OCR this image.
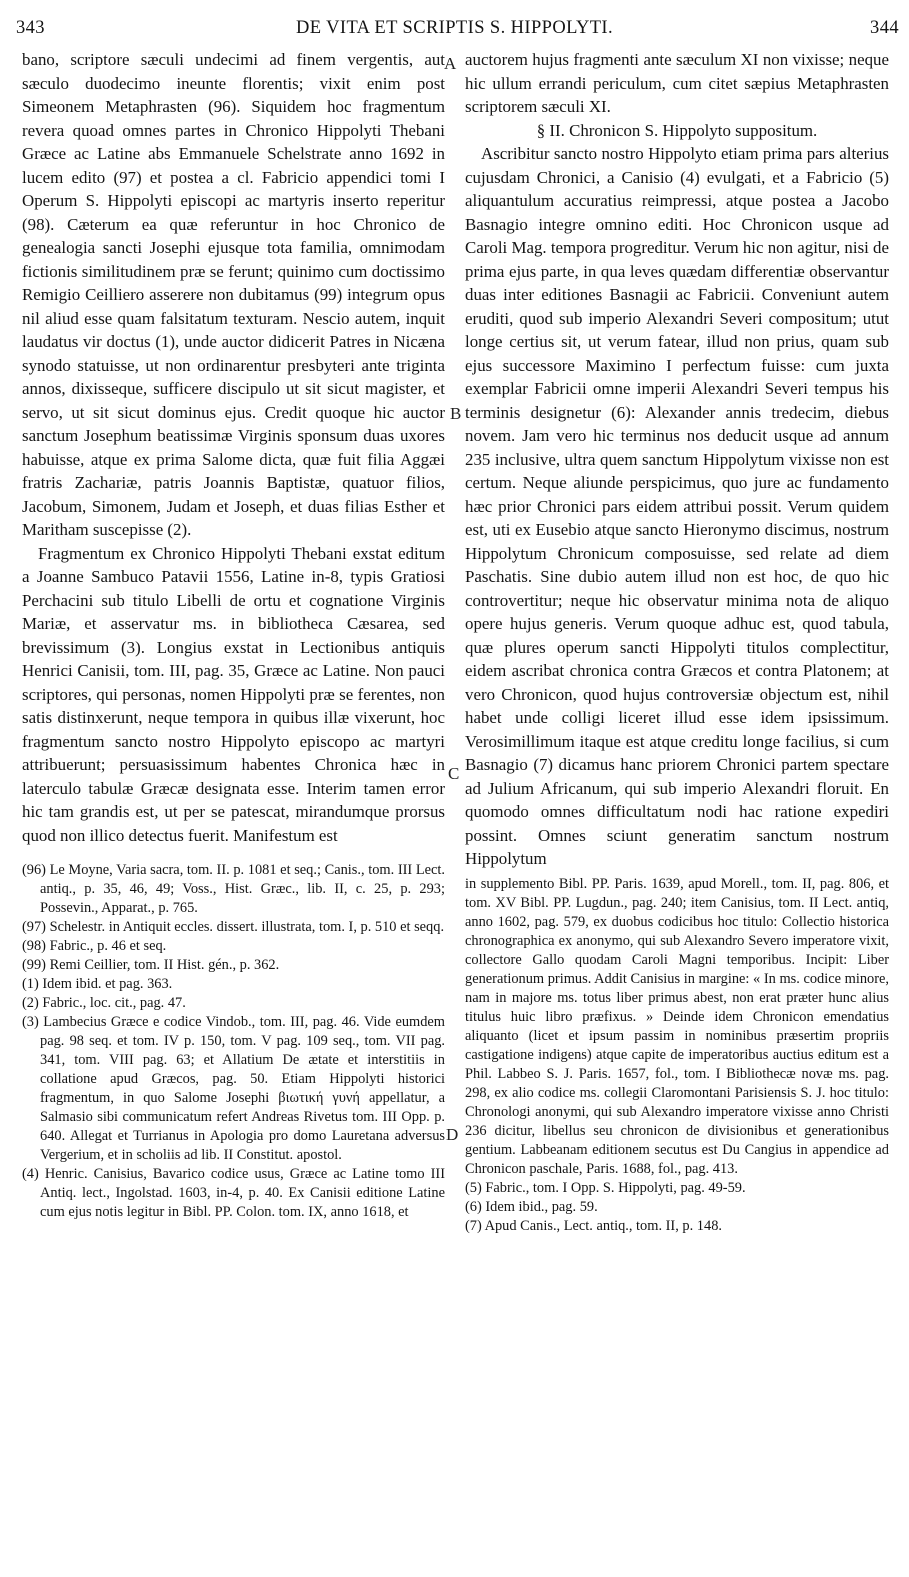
343	DE VITA ET SCRIPTIS S. HIPPOLYTI.	344
A
B
C
D

bano, scriptore sæculi undecimi ad finem vergentis, aut sæculo duodecimo ineunte florentis; vixit enim post Simeonem Metaphrasten (96). Siquidem hoc fragmentum revera quoad omnes partes in Chronico Hippolyti Thebani Græce ac Latine abs Emmanuele Schelstrate anno 1692 in lucem edito (97) et postea a cl. Fabricio appendici tomi I Operum S. Hippolyti episcopi ac martyris inserto reperitur (98). Cæterum ea quæ referuntur in hoc Chronico de genealogia sancti Josephi ejusque tota familia, omnimodam fictionis similitudinem præ se ferunt; quinimo cum doctissimo Remigio Ceilliero asserere non dubitamus (99) integrum opus nil aliud esse quam falsitatum texturam. Nescio autem, inquit laudatus vir doctus (1), unde auctor didicerit Patres in Nicæna synodo statuisse, ut non ordinarentur presbyteri ante triginta annos, dixisseque, sufficere discipulo ut sit sicut magister, et servo, ut sit sicut dominus ejus. Credit quoque hic auctor sanctum Josephum beatissimæ Virginis sponsum duas uxores habuisse, atque ex prima Salome dicta, quæ fuit filia Aggæi fratris Zachariæ, patris Joannis Baptistæ, quatuor filios, Jacobum, Simonem, Judam et Joseph, et duas filias Esther et Maritham suscepisse (2).

Fragmentum ex Chronico Hippolyti Thebani exstat editum a Joanne Sambuco Patavii 1556, Latine in-8, typis Gratiosi Perchacini sub titulo Libelli de ortu et cognatione Virginis Mariæ, et asservatur ms. in bibliotheca Cæsarea, sed brevissimum (3). Longius exstat in Lectionibus antiquis Henrici Canisii, tom. III, pag. 35, Græce ac Latine. Non pauci scriptores, qui personas, nomen Hippolyti præ se ferentes, non satis distinxerunt, neque tempora in quibus illæ vixerunt, hoc fragmentum sancto nostro Hippolyto episcopo ac martyri attribuerunt; persuasissimum habentes Chronica hæc in laterculo tabulæ Græcæ designata esse. Interim tamen error hic tam grandis est, ut per se patescat, mirandumque prorsus quod non illico detectus fuerit. Manifestum est

(96) Le Moyne, Varia sacra, tom. II. p. 1081 et seq.; Canis., tom. III Lect. antiq., p. 35, 46, 49; Voss., Hist. Græc., lib. II, c. 25, p. 293; Possevin., Apparat., p. 765.

(97) Schelestr. in Antiquit eccles. dissert. illustrata, tom. I, p. 510 et seqq.

(98) Fabric., p. 46 et seq.

(99) Remi Ceillier, tom. II Hist. gén., p. 362.

(1) Idem ibid. et pag. 363.

(2) Fabric., loc. cit., pag. 47.

(3) Lambecius Græce e codice Vindob., tom. III, pag. 46. Vide eumdem pag. 98 seq. et tom. IV p. 150, tom. V pag. 109 seq., tom. VII pag. 341, tom. VIII pag. 63; et Allatium De ætate et interstitiis in collatione apud Græcos, pag. 50. Etiam Hippolyti historici fragmentum, in quo Salome Josephi βιωτική γυνή appellatur, a Salmasio sibi communicatum refert Andreas Rivetus tom. III Opp. p. 640. Allegat et Turrianus in Apologia pro domo Lauretana adversus Vergerium, et in scholiis ad lib. II Constitut. apostol.

(4) Henric. Canisius, Bavarico codice usus, Græce ac Latine tomo III Antiq. lect., Ingolstad. 1603, in-4, p. 40. Ex Canisii editione Latine cum ejus notis legitur in Bibl. PP. Colon. tom. IX, anno 1618, et

auctorem hujus fragmenti ante sæculum XI non vixisse; neque hic ullum errandi periculum, cum citet sæpius Metaphrasten scriptorem sæculi XI.

§ II. Chronicon S. Hippolyto suppositum.

Ascribitur sancto nostro Hippolyto etiam prima pars alterius cujusdam Chronici, a Canisio (4) evulgati, et a Fabricio (5) aliquantulum accuratius reimpressi, atque postea a Jacobo Basnagio integre omnino editi. Hoc Chronicon usque ad Caroli Mag. tempora progreditur. Verum hic non agitur, nisi de prima ejus parte, in qua leves quædam differentiæ observantur duas inter editiones Basnagii ac Fabricii. Conveniunt autem eruditi, quod sub imperio Alexandri Severi compositum; utut longe certius sit, ut verum fatear, illud non prius, quam sub ejus successore Maximino I perfectum fuisse: cum juxta exemplar Fabricii omne imperii Alexandri Severi tempus his terminis designetur (6): Alexander annis tredecim, diebus novem. Jam vero hic terminus nos deducit usque ad annum 235 inclusive, ultra quem sanctum Hippolytum vixisse non est certum. Neque aliunde perspicimus, quo jure ac fundamento hæc prior Chronici pars eidem attribui possit. Verum quidem est, uti ex Eusebio atque sancto Hieronymo discimus, nostrum Hippolytum Chronicum composuisse, sed relate ad diem Paschatis. Sine dubio autem illud non est hoc, de quo hic controvertitur; neque hic observatur minima nota de aliquo opere hujus generis. Verum quoque adhuc est, quod tabula, quæ plures operum sancti Hippolyti titulos complectitur, eidem ascribat chronica contra Græcos et contra Platonem; at vero Chronicon, quod hujus controversiæ objectum est, nihil habet unde colligi liceret illud esse idem ipsissimum. Verosimillimum itaque est atque creditu longe facilius, si cum Basnagio (7) dicamus hanc priorem Chronici partem spectare ad Julium Africanum, qui sub imperio Alexandri floruit. En quomodo omnes difficultatum nodi hac ratione expediri possint. Omnes sciunt generatim sanctum nostrum Hippolytum

in supplemento Bibl. PP. Paris. 1639, apud Morell., tom. II, pag. 806, et tom. XV Bibl. PP. Lugdun., pag. 240; item Canisius, tom. II Lect. antiq, anno 1602, pag. 579, ex duobus codicibus hoc titulo: Collectio historica chronographica ex anonymo, qui sub Alexandro Severo imperatore vixit, collectore Gallo quodam Caroli Magni temporibus. Incipit: Liber generationum primus. Addit Canisius in margine: « In ms. codice minore, nam in majore ms. totus liber primus abest, non erat præter hunc alius titulus huic libro præfixus. » Deinde idem Chronicon emendatius aliquanto (licet et ipsum passim in nominibus præsertim propriis castigatione indigens) atque capite de imperatoribus auctius editum est a Phil. Labbeo S. J. Paris. 1657, fol., tom. I Bibliothecæ novæ ms. pag. 298, ex alio codice ms. collegii Claromontani Parisiensis S. J. hoc titulo: Chronologi anonymi, qui sub Alexandro imperatore vixisse anno Christi 236 dicitur, libellus seu chronicon de divisionibus et generationibus gentium. Labbeanam editionem secutus est Du Cangius in appendice ad Chronicon paschale, Paris. 1688, fol., pag. 413.

(5) Fabric., tom. I Opp. S. Hippolyti, pag. 49-59.

(6) Idem ibid., pag. 59.

(7) Apud Canis., Lect. antiq., tom. II, p. 148.
